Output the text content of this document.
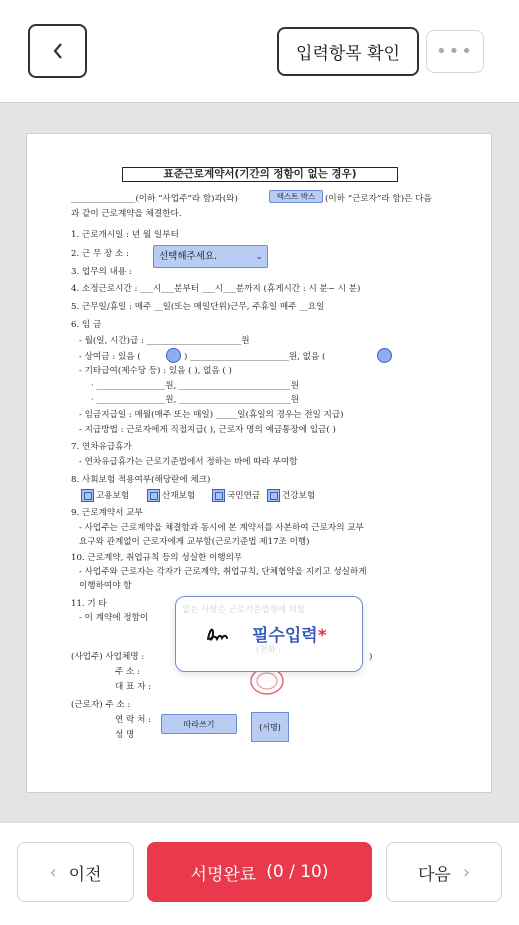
입력항목 확인	•••
표준근로계약서(기간의 정함이 없는 경우)
_______________(이하 “사업주”라 함)과(와)	텍스트 박스	(이하 “근로자”라 함)은 다음
과 같이 근로계약을 체결한다.
1. 근로개시일 : 년 월 일부터
2. 근 무 장 소 :	선택해주세요.	⌄
3. 업무의 내용 :
4. 소정근로시간 : ___시___분부터 ___시___분까지 (휴게시간 : 시 분~ 시 분)
5. 근무일/휴일 : 매주 __일(또는 매일단위)근무, 주휴일 매주 __요일
6. 임 금
- 월(일, 시간)급 : ______________________원
- 상여금 : 있음 (	) _______________________원, 없음 (
- 기타급여(제수당 등) : 있음 ( ), 없음 ( )
· ________________원, __________________________원
· ________________원, __________________________원
- 임금지급일 : 매월(매주 또는 매일) _____일(휴일의 경우는 전일 지급)
- 지급방법 : 근로자에게 직접지급( ), 근로자 명의 예금통장에 입금( )
7. 연차유급휴가
- 연차유급휴가는 근로기준법에서 정하는 바에 따라 부여함
8. 사회보험 적용여부(해당란에 체크)
고용보험	산재보험	국민연금	건강보험
9. 근로계약서 교부
- 사업주는 근로계약을 체결함과 동시에 본 계약서를 사본하여 근로자의 교부
요구와 관계없이 근로자에게 교부함(근로기준법 제17조 이행)
10. 근로계약, 취업규칙 등의 성실한 이행의무
- 사업주와 근로자는 각자가 근로계약, 취업규칙, 단체협약을 지키고 성실하게
이행하여야 함
11. 기 타
- 이 계약에 정함이
(사업주) 사업체명 :	)
주 소 :
대 표 자 :
(근로자) 주 소 :
연 락 처 :
성 명
따라쓰기	(서명)
없는 사항은 근로기준법령에 의함
필수입력*
(전화 :
‹ 이전	서명완료 (0 / 10)	다음 ›
